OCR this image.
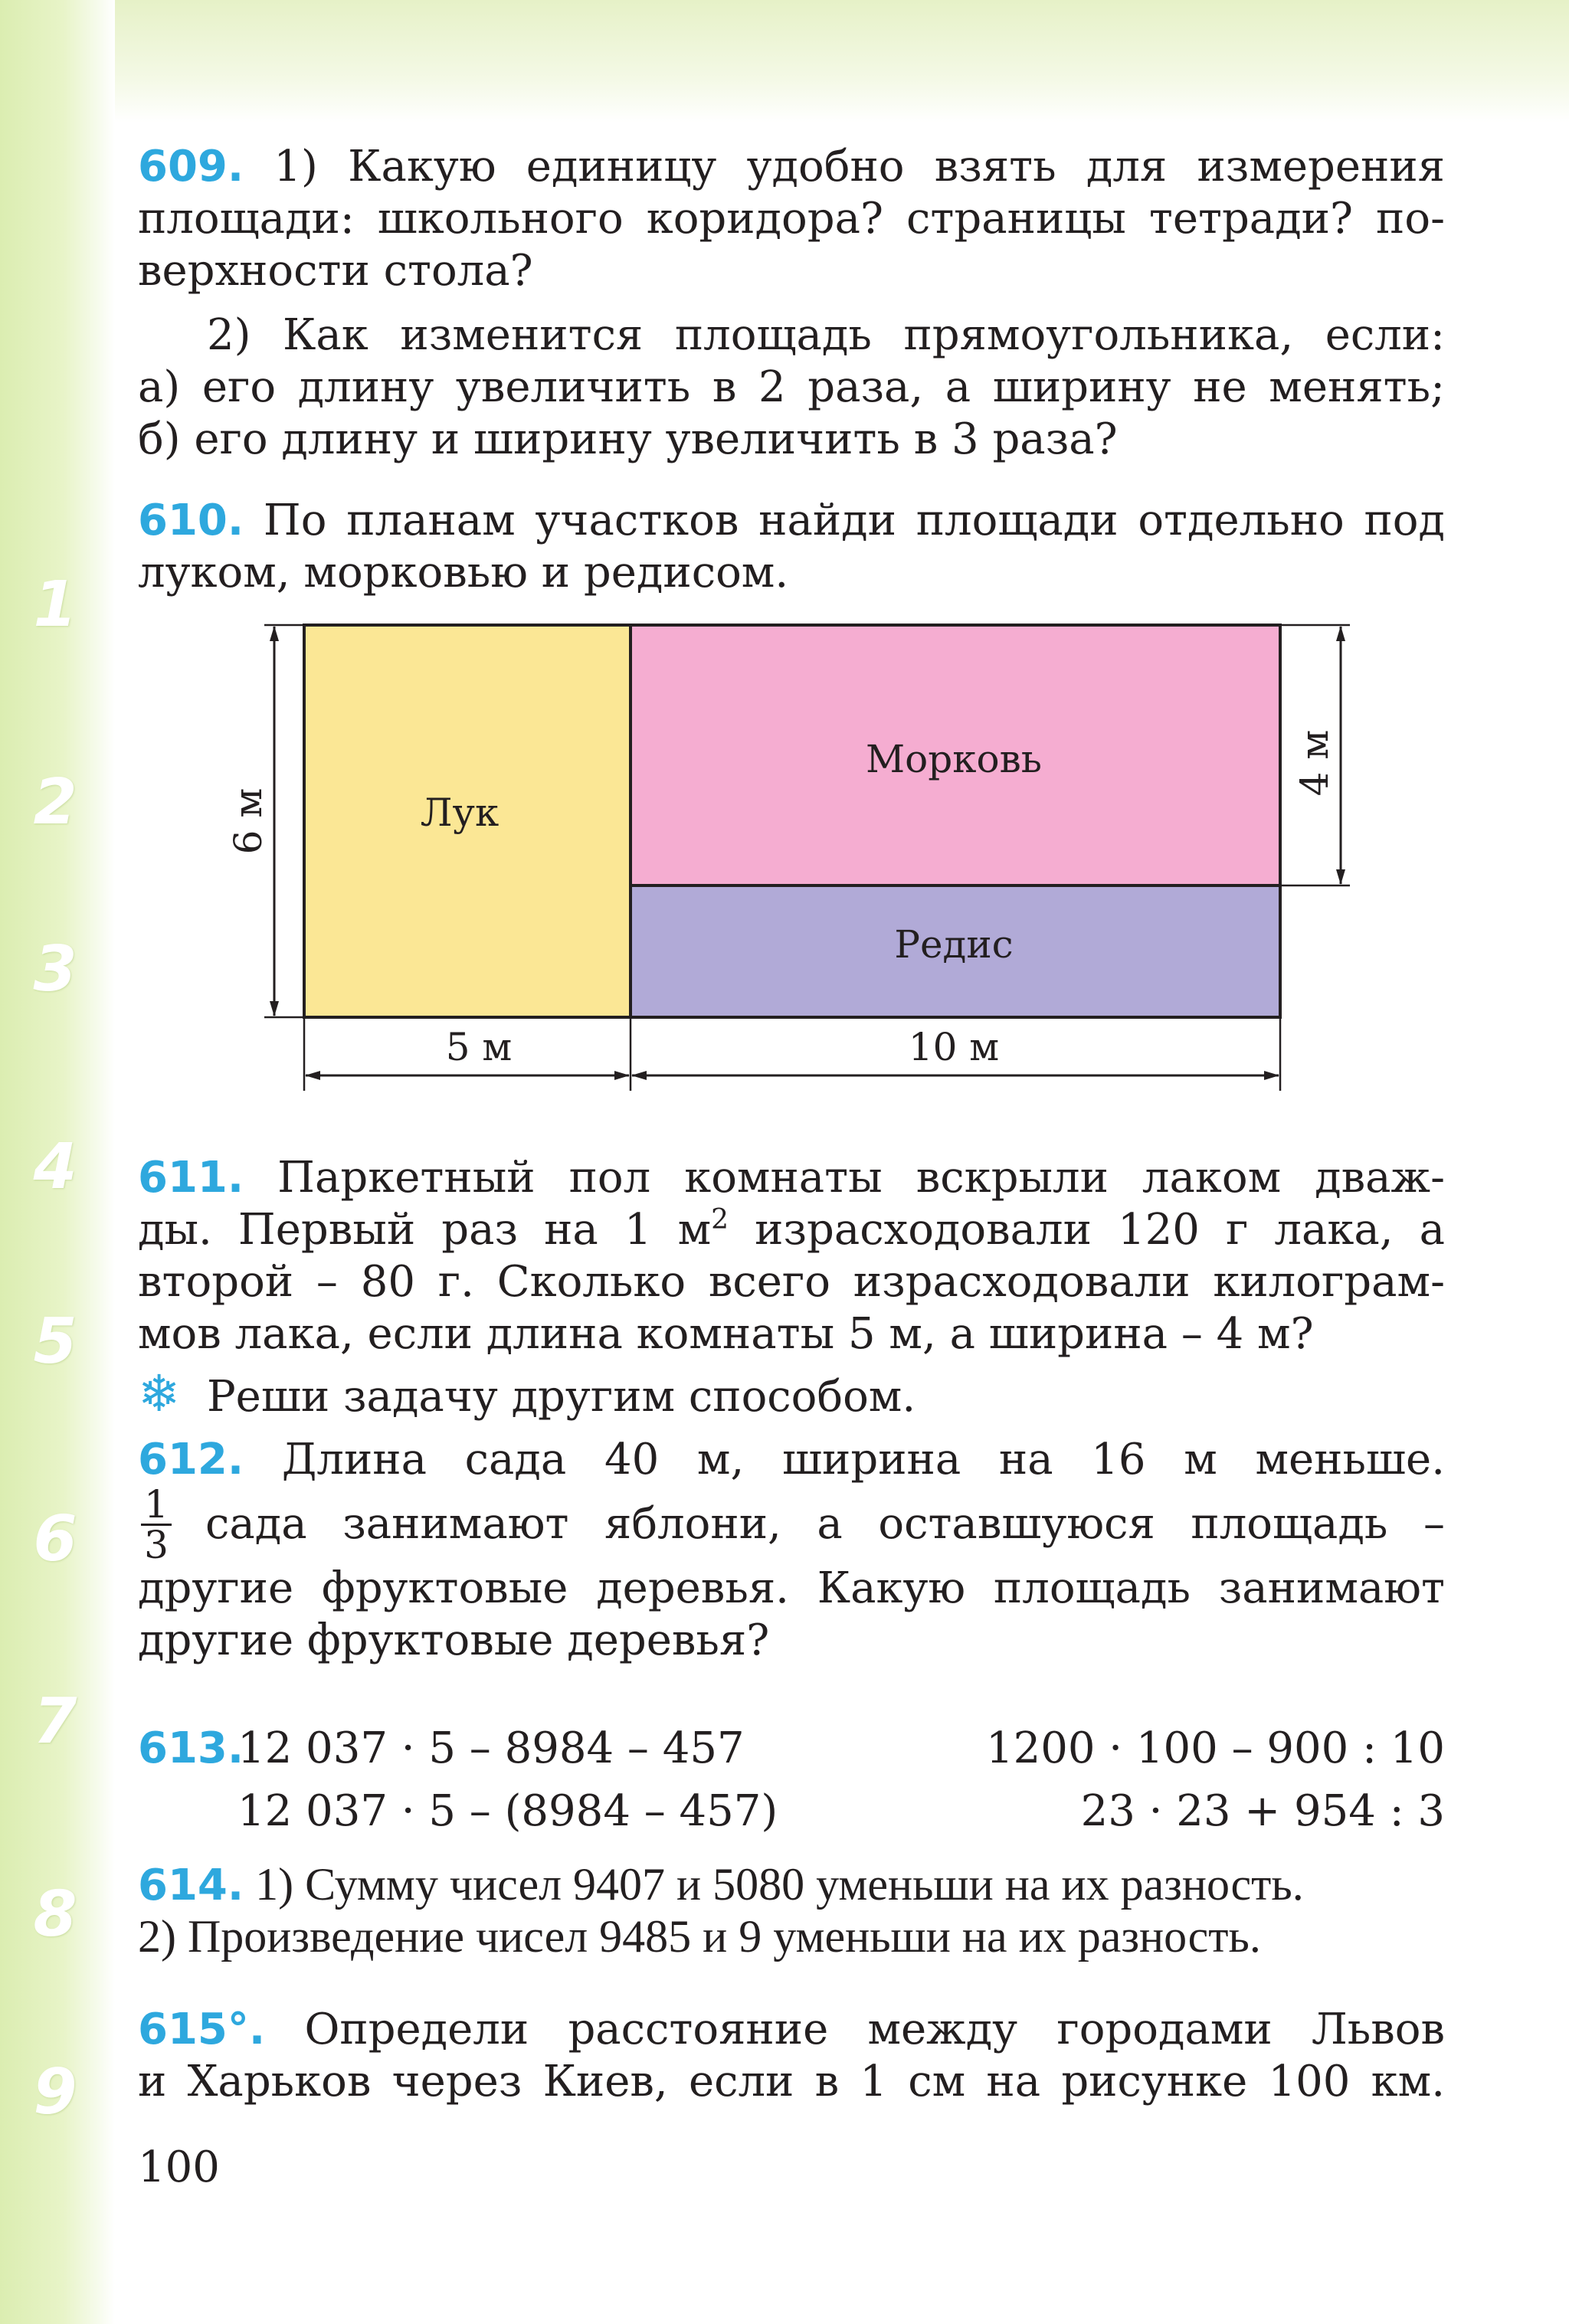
1
2
3
4
5
6
7
8
9
609. 1) Какую единицу удобно взять для измерения
площади: школьного коридора? страницы тетради? по-
верхности стола?
2) Как изменится площадь прямоугольника, если:
а) его длину увеличить в 2 раза, а ширину не менять;
б) его длину и ширину увеличить в 3 раза?
610. По планам участков найди площади отдельно под
луком, морковью и редисом.
6 м
4 м
5 м	10 м
Лук
Морковь
Редис
611. Паркетный пол комнаты вскрыли лаком дваж-
ды. Первый раз на 1 $м^2$ израсходовали 120 г лака, а
второй – 80 г. Сколько всего израсходовали килограм-
мов лака, если длина комнаты 5 м, а ширина – 4 м?
❄ Реши задачу другим способом.
612. Длина сада 40 м, ширина на 16 м меньше.
$\frac{1}{3}$ сада занимают яблони, а оставшуюся площадь –
другие фруктовые деревья. Какую площадь занимают
другие фруктовые деревья?
613.
12 037 · 5 – 8984 – 457	1200 · 100 – 900 : 10
12 037 · 5 – (8984 – 457)	23 · 23 + 954 : 3
614. 1) Сумму чисел 9407 и 5080 уменьши на их разность.
2) Произведение чисел 9485 и 9 уменьши на их разность.
615°. Определи расстояние между городами Львов
и Харьков через Киев, если в 1 см на рисунке 100 км.
100
